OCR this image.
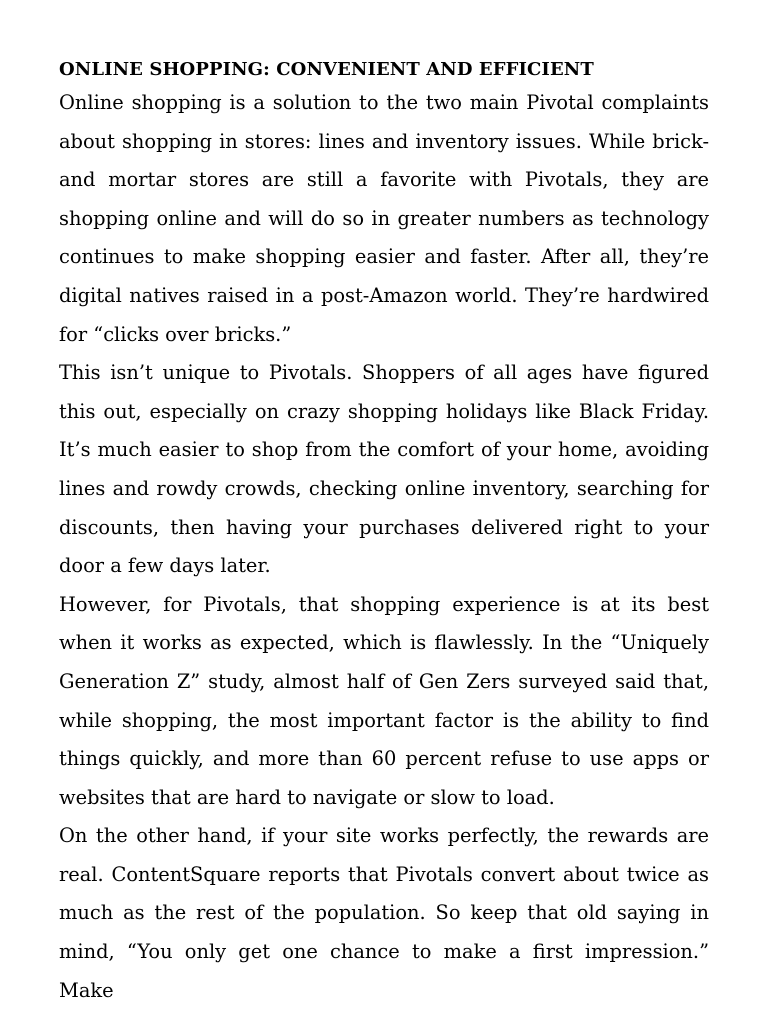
ONLINE SHOPPING: CONVENIENT AND EFFICIENT

Online shopping is a solution to the two main Pivotal complaints about shopping in stores: lines and inventory issues. While brick-and mortar stores are still a favorite with Pivotals, they are shopping online and will do so in greater numbers as technology continues to make shopping easier and faster. After all, they’re digital natives raised in a post-Amazon world. They’re hardwired for “clicks over bricks.”

This isn’t unique to Pivotals. Shoppers of all ages have figured this out, especially on crazy shopping holidays like Black Friday. It’s much easier to shop from the comfort of your home, avoiding lines and rowdy crowds, checking online inventory, searching for discounts, then having your purchases delivered right to your door a few days later.

However, for Pivotals, that shopping experience is at its best when it works as expected, which is flawlessly. In the “Uniquely Generation Z” study, almost half of Gen Zers surveyed said that, while shopping, the most important factor is the ability to find things quickly, and more than 60 percent refuse to use apps or websites that are hard to navigate or slow to load.

On the other hand, if your site works perfectly, the rewards are real. ContentSquare reports that Pivotals convert about twice as much as the rest of the population. So keep that old saying in mind, “You only get one chance to make a first impression.” Make
